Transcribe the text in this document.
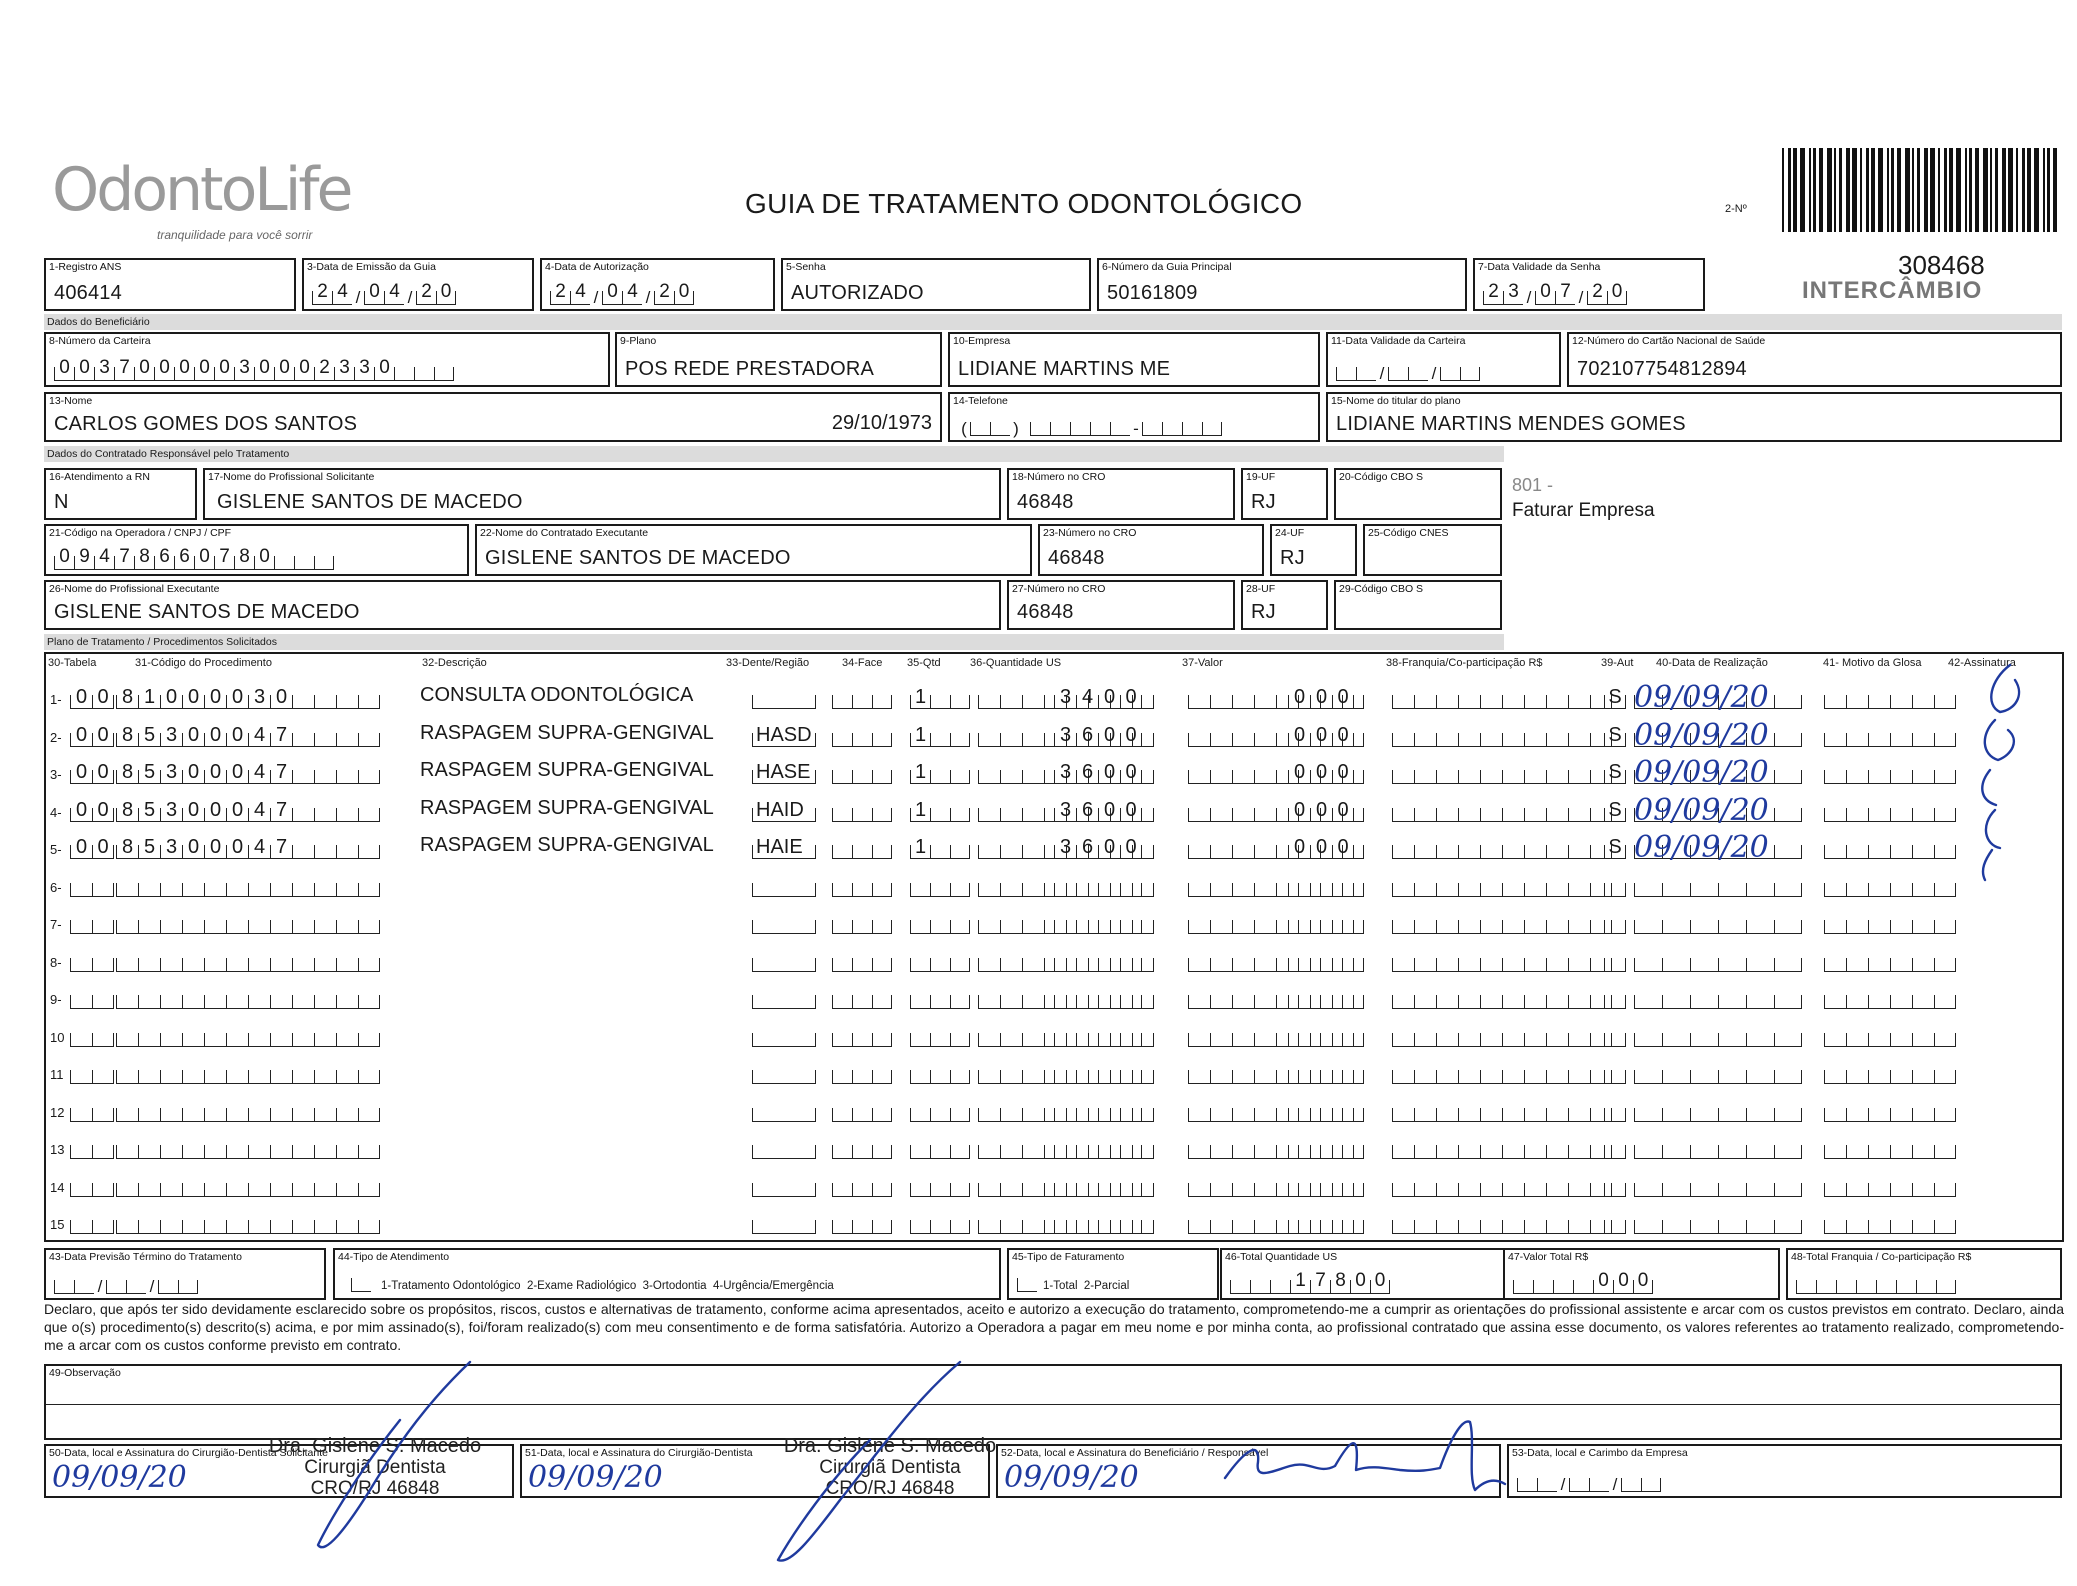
OdontoLife
tranquilidade para você sorrir
GUIA DE TRATAMENTO ODONTOLÓGICO	2-Nº
308468
INTERCÂMBIO
1-Registro ANS
406414
3-Data de Emissão da Guia
2 4 / 0 4 / 2 0
4-Data de Autorização
2 4 / 0 4 / 2 0
5-Senha
AUTORIZADO
6-Número da Guia Principal
50161809
7-Data Validade da Senha
2 3 / 0 7 / 2 0
Dados do Beneficiário
8-Número da Carteira
0 0 3 7 0 0 0 0 0 3 0 0 0 2 3 3 0
9-Plano
POS REDE PRESTADORA
10-Empresa
LIDIANE MARTINS ME
11-Data Validade da Carteira
/	/
12-Número do Cartão Nacional de Saúde
702107754812894
13-Nome
CARLOS GOMES DOS SANTOS	29/10/1973
14-Telefone
(	)	-
15-Nome do titular do plano
LIDIANE MARTINS MENDES GOMES
Dados do Contratado Responsável pelo Tratamento
16-Atendimento a RN
N
17-Nome do Profissional Solicitante
GISLENE SANTOS DE MACEDO
18-Número no CRO
46848
19-UF
RJ
20-Código CBO S	801 -
Faturar Empresa
21-Código na Operadora / CNPJ / CPF
0 9 4 7 8 6 6 0 7 8 0
22-Nome do Contratado Executante
GISLENE SANTOS DE MACEDO
23-Número no CRO
46848
24-UF
RJ
25-Código CNES
26-Nome do Profissional Executante
GISLENE SANTOS DE MACEDO
27-Número no CRO
46848
28-UF
RJ
29-Código CBO S
Plano de Tratamento / Procedimentos Solicitados
30-Tabela	31-Código do Procedimento	32-Descrição	33-Dente/Região	34-Face 35-Qtd	36-Quantidade US	37-Valor	38-Franquia/Co-participação R$	39-Aut 40-Data de Realização	41- Motivo da Glosa 42-Assinatura
1- 0 0 8 1 0 0 0 0 3 0	CONSULTA ODONTOLÓGICA	1	3 4 0 0	0 0 0	S 09/09/20
2- 0 0 8 5 3 0 0 0 4 7	RASPAGEM SUPRA-GENGIVAL HASD	1	3 6 0 0	0 0 0	S 09/09/20
3- 0 0 8 5 3 0 0 0 4 7	RASPAGEM SUPRA-GENGIVAL HASE	1	3 6 0 0	0 0 0	S 09/09/20
4- 0 0 8 5 3 0 0 0 4 7	RASPAGEM SUPRA-GENGIVAL HAID	1	3 6 0 0	0 0 0	S 09/09/20
5- 0 0 8 5 3 0 0 0 4 7	RASPAGEM SUPRA-GENGIVAL HAIE	1	3 6 0 0	0 0 0	S 09/09/20
6-
7-
8-
9-
10
11
12
13
14
15
43-Data Previsão Término do Tratamento
/	/
44-Tipo de Atendimento
1-Tratamento Odontológico  2-Exame Radiológico  3-Ortodontia  4-Urgência/Emergência
45-Tipo de Faturamento
1-Total  2-Parcial
46-Total Quantidade US
1 7 8 0 0
47-Valor Total R$
0 0 0
48-Total Franquia / Co-participação R$
Declaro, que após ter sido devidamente esclarecido sobre os propósitos, riscos, custos e alternativas de tratamento, conforme acima apresentados, aceito e autorizo a execução do tratamento, comprometendo-me a cumprir as orientações do profissional assistente e arcar com os custos previstos em contrato. Declaro, ainda que o(s) procedimento(s) descrito(s) acima, e por mim assinado(s), foi/foram realizado(s) com meu consentimento e de forma satisfatória. Autorizo a Operadora a pagar em meu nome e por minha conta, ao profissional contratado que assina esse documento, os valores referentes ao tratamento realizado, comprometendo-me a arcar com os custos conforme previsto em contrato.
49-Observação
50-Data, local e Assinatura do Cirurgião-Dentista Solicitante
09/09/20
51-Data, local e Assinatura do Cirurgião-Dentista
09/09/20
52-Data, local e Assinatura do Beneficiário / Responsável
09/09/20
53-Data, local e Carimbo da Empresa
/	/
Dra. Gislene S. Macedo
Cirurgiã Dentista
CRO/RJ 46848
Dra. Gislene S. Macedo
Cirurgiã Dentista
CRO/RJ 46848
